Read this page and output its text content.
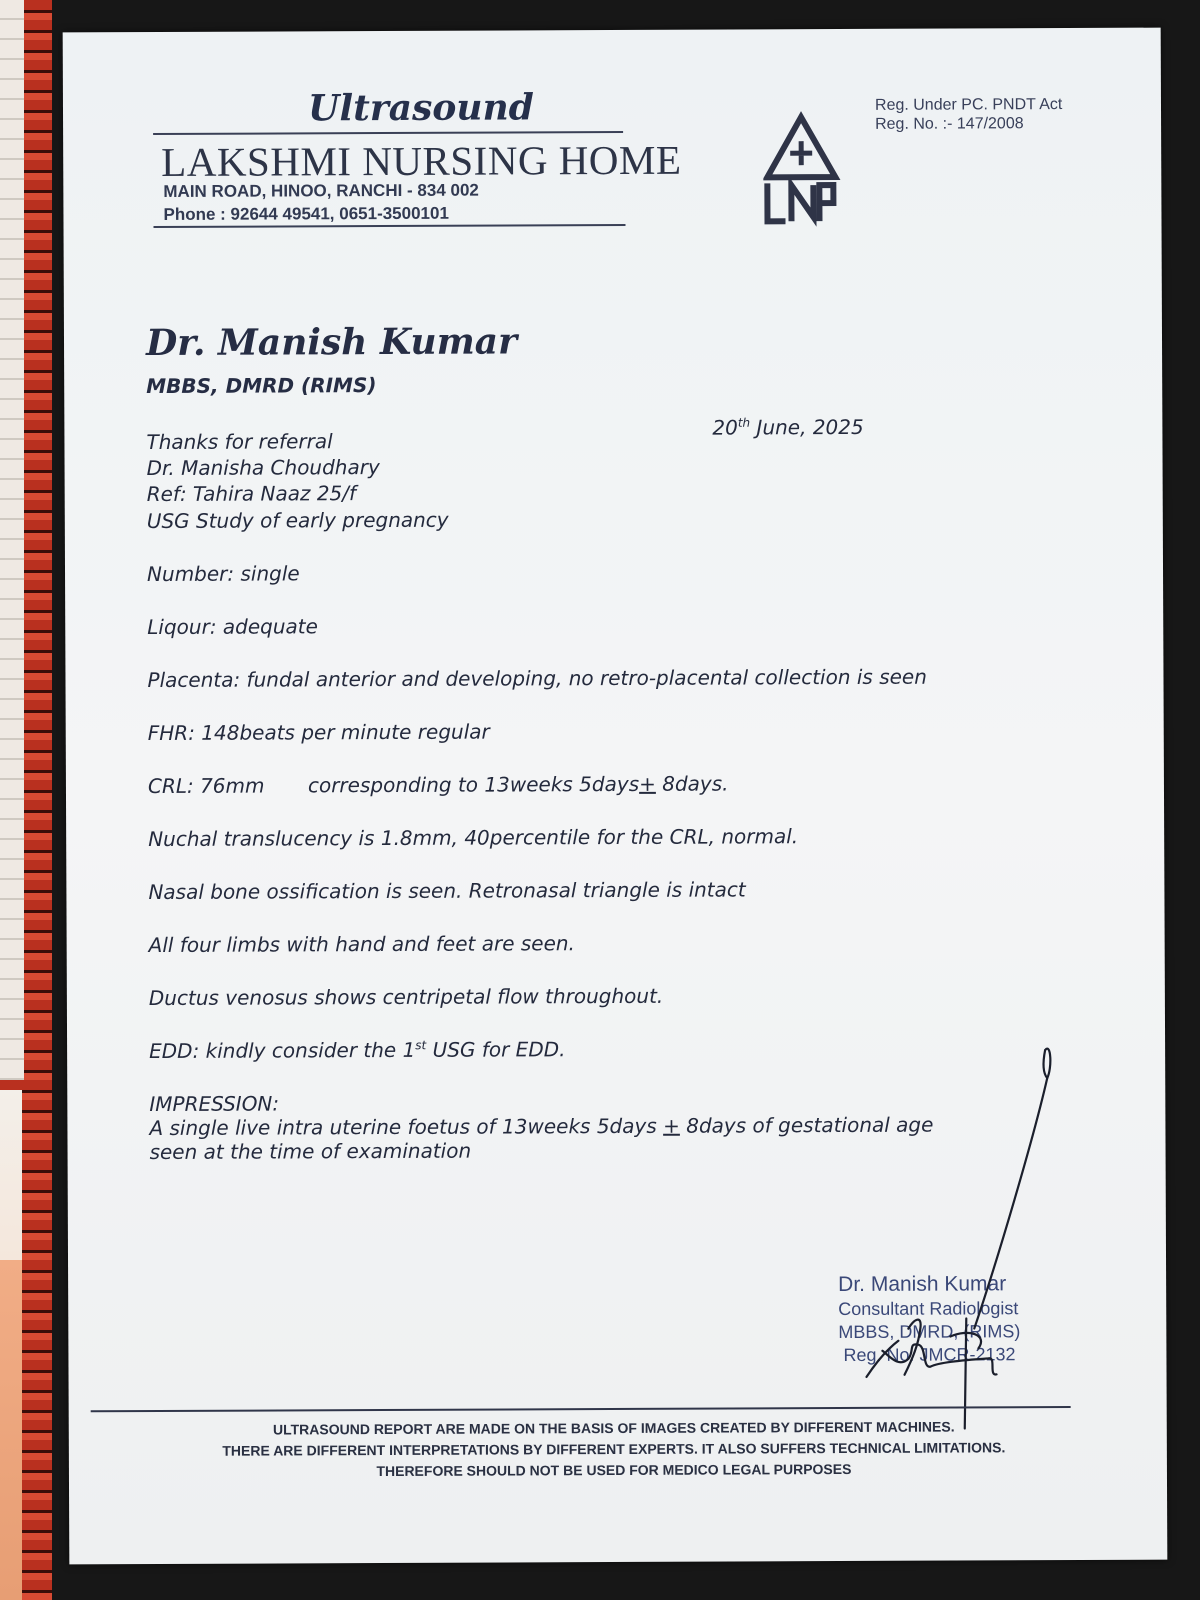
Ultrasound
LAKSHMI NURSING HOME
MAIN ROAD, HINOO, RANCHI - 834 002
Phone : 92644 49541, 0651-3500101
Reg. Under PC. PNDT Act
Reg. No. :- 147/2008
Dr. Manish Kumar
MBBS, DMRD (RIMS)
20th June, 2025
Thanks for referral
Dr. Manisha Choudhary
Ref: Tahira Naaz 25/f
USG Study of early pregnancy
Number: single
Liqour: adequate
Placenta: fundal anterior and developing, no retro-placental collection is seen
FHR: 148beats per minute regular
CRL: 76mm corresponding to 13weeks 5days+ 8days.
Nuchal translucency is 1.8mm, 40percentile for the CRL, normal.
Nasal bone ossification is seen. Retronasal triangle is intact
All four limbs with hand and feet are seen.
Ductus venosus shows centripetal flow throughout.
EDD: kindly consider the 1st USG for EDD.
IMPRESSION:
A single live intra uterine foetus of 13weeks 5days + 8days of gestational age
seen at the time of examination
Dr. Manish Kumar
Consultant Radiologist
MBBS, DMRD, (RIMS)
Reg. No. JMCR-2132
ULTRASOUND REPORT ARE MADE ON THE BASIS OF IMAGES CREATED BY DIFFERENT MACHINES.
THERE ARE DIFFERENT INTERPRETATIONS BY DIFFERENT EXPERTS. IT ALSO SUFFERS TECHNICAL LIMITATIONS.
THEREFORE SHOULD NOT BE USED FOR MEDICO LEGAL PURPOSES
